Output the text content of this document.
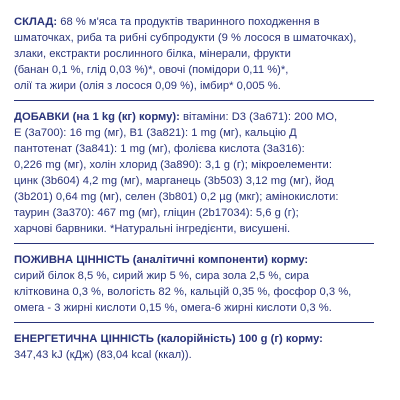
СКЛАД: 68 % м'яса та продуктів тваринного походження в

шматочках, риба та рибні субпродукти (9 % лосося в шматочках),

злаки, екстракти рослинного білка, мінерали, фрукти

(банан 0,1 %, глід 0,03 %)*, овочі (помідори 0,11 %)*,

олії та жири (олія з лосося 0,09 %), імбир* 0,005 %.

ДОБАВКИ (на 1 kg (кг) корму): вітаміни: D3 (3a671): 200 МО,

Е (3a700): 16 mg (мг), В1 (3a821): 1 mg (мг), кальцію Д

пантотенат (3a841): 1 mg (мг), фолієва кислота (3a316):

0,226 mg (мг), холін хлорид (3a890): 3,1 g (г); мікроелементи:

цинк (3b604) 4,2 mg (мг), марганець (3b503) 3,12 mg (мг), йод

(3b201) 0,64 mg (мг), селен (3b801) 0,2 µg (мкг); амінокислоти:

таурин (3a370): 467 mg (мг), гліцин (2b17034): 5,6 g (г);

харчові барвники. *Натуральні інгредієнти, висушені.

ПОЖИВНА ЦІННІСТЬ (аналітичні компоненти) корму:

сирий білок 8,5 %, сирий жир 5 %, сира зола 2,5 %, сира

клітковина 0,3 %, вологість 82 %, кальцій 0,35 %, фосфор 0,3 %,

омега - 3 жирні кислоти 0,15 %, омега-6 жирні кислоти 0,3 %.

ЕНЕРГЕТИЧНА ЦІННІСТЬ (калорійність) 100 g (г) корму:

347,43 kJ (кДж) (83,04 kcal (ккал)).
